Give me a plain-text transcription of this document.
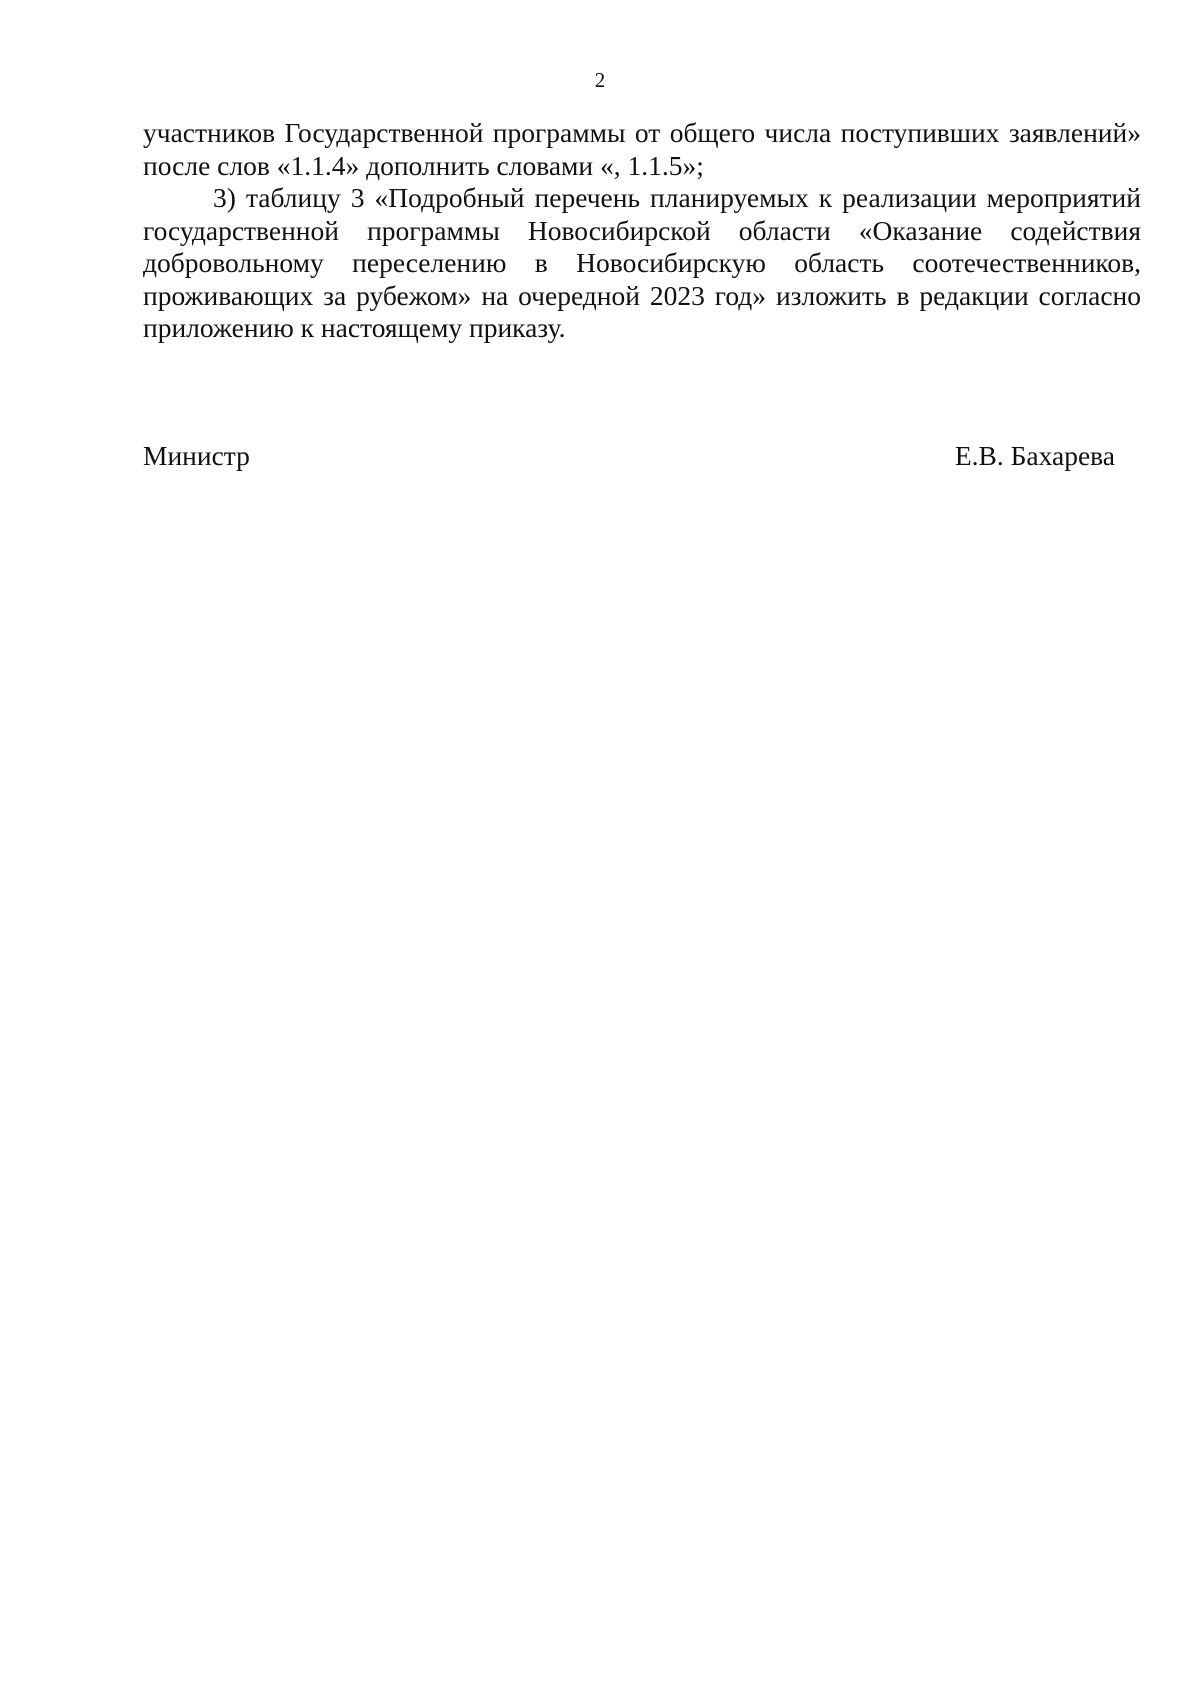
2

участников Государственной программы от общего числа поступивших заявлений» после слов «1.1.4» дополнить словами «, 1.1.5»;

3) таблицу 3 «Подробный перечень планируемых к реализации мероприятий государственной программы Новосибирской области «Оказание содействия добровольному переселению в Новосибирскую область соотечественников, проживающих за рубежом» на очередной 2023 год» изложить в редакции согласно приложению к настоящему приказу.

Министр	Е.В. Бахарева
